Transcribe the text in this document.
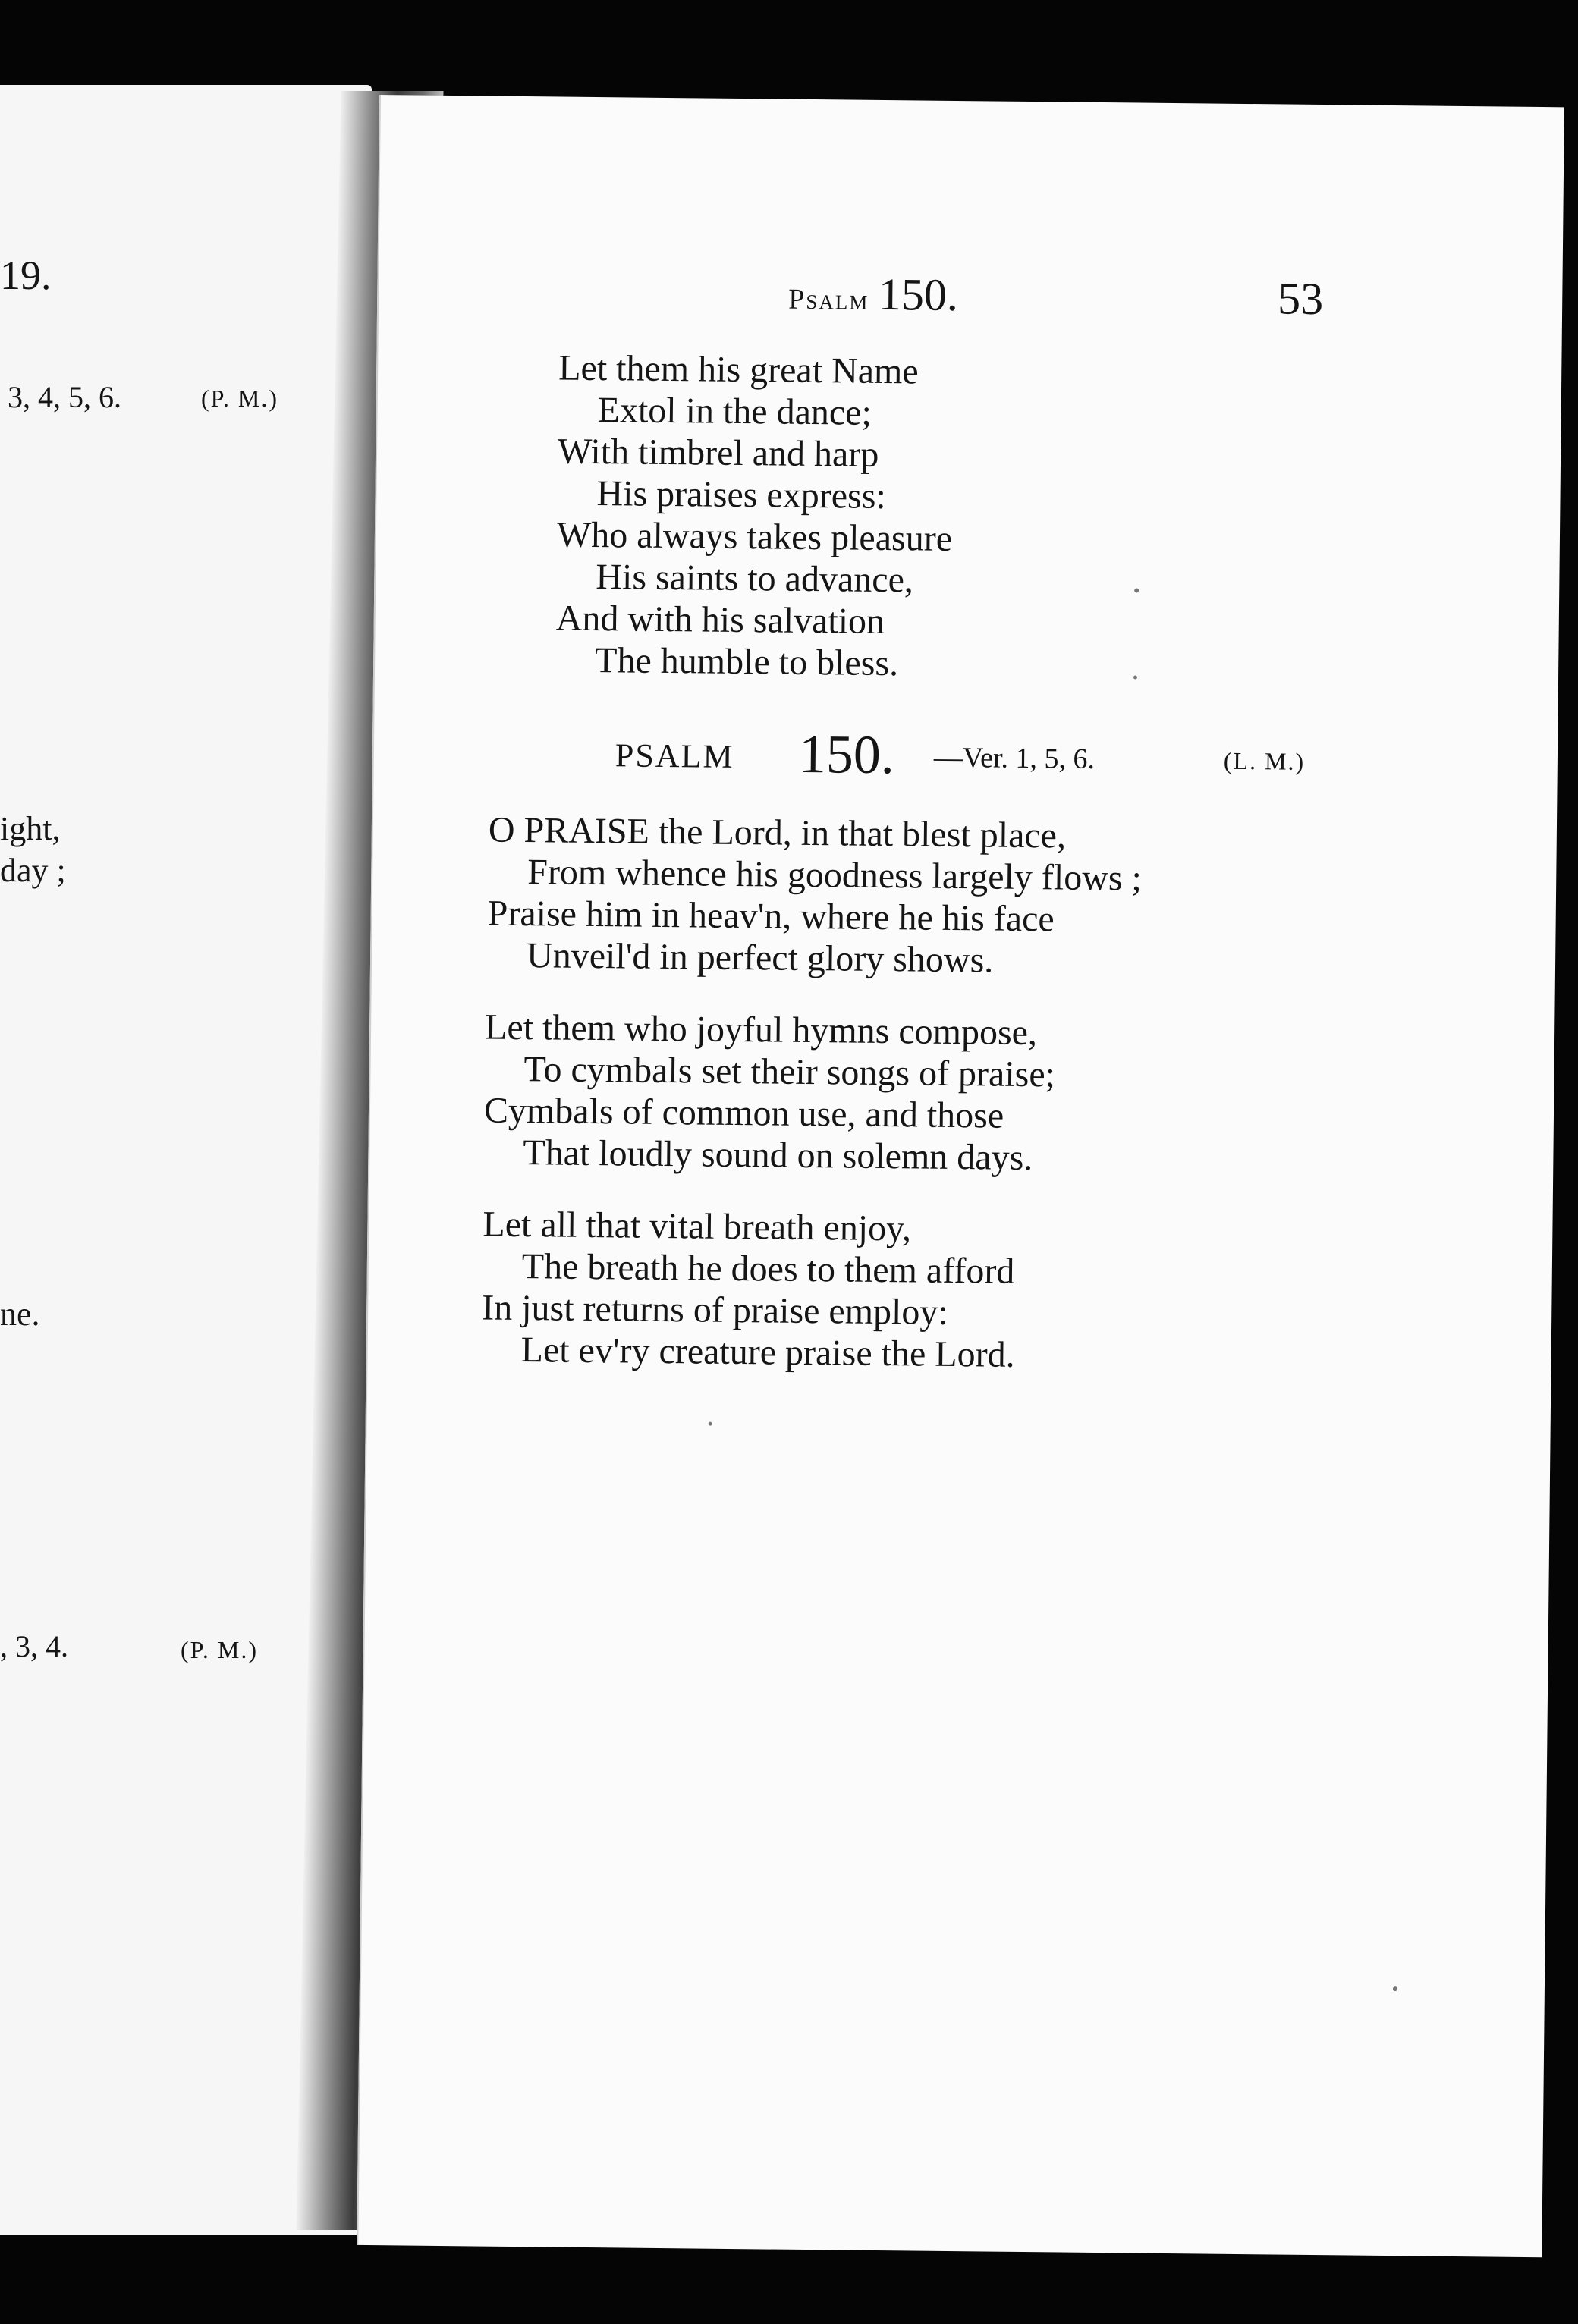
19.
3, 4, 5, 6.	(P. M.)
ight,
day ;
ne.
, 3, 4.	(P. M.)
Psalm 150.	53
Let them his great Name
Extol in the dance;
With timbrel and harp
His praises express:
Who always takes pleasure
His saints to advance,
And with his salvation
The humble to bless.
PSALM 150. —Ver. 1, 5, 6.	(L. M.)
O PRAISE the Lord, in that blest place,
From whence his goodness largely flows ;
Praise him in heav'n, where he his face
Unveil'd in perfect glory shows.
Let them who joyful hymns compose,
To cymbals set their songs of praise;
Cymbals of common use, and those
That loudly sound on solemn days.
Let all that vital breath enjoy,
The breath he does to them afford
In just returns of praise employ:
Let ev'ry creature praise the Lord.
